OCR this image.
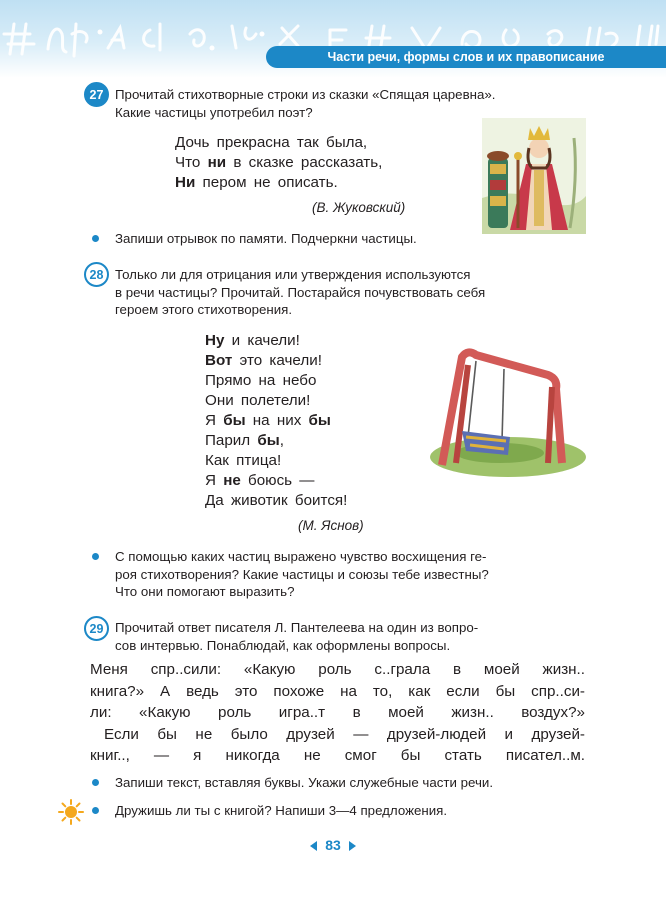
Части речи, формы слов и их правописание
27 Прочитай стихотворные строки из сказки «Спящая царевна».
Какие частицы употребил поэт?
Дочь прекрасна так была,
Что ни в сказке рассказать,
Ни пером не описать.
(В. Жуковский)
Запиши отрывок по памяти. Подчеркни частицы.
28 Только ли для отрицания или утверждения используются
в речи частицы? Прочитай. Постарайся почувствовать себя
героем этого стихотворения.
Ну и качели!
Вот это качели!
Прямо на небо
Они полетели!
Я бы на них бы
Парил бы,
Как птица!
Я не боюсь —
Да животик боится!
(М. Яснов)
С помощью каких частиц выражено чувство восхищения ге-
роя стихотворения? Какие частицы и союзы тебе известны?
Что они помогают выразить?
29 Прочитай ответ писателя Л. Пантелеева на один из вопро-
сов интервью. Понаблюдай, как оформлены вопросы.
Меня спр..сили: «Какую роль с..грала в моей жизн..
книга?» А ведь это похоже на то, как если бы спр..си-
ли: «Какую роль игра..т в моей жизн.. воздух?»
Если бы не было друзей — друзей-людей и друзей-
книг.., — я никогда не смог бы стать писател..м.
Запиши текст, вставляя буквы. Укажи служебные части речи.
Дружишь ли ты с книгой? Напиши 3—4 предложения.
83
